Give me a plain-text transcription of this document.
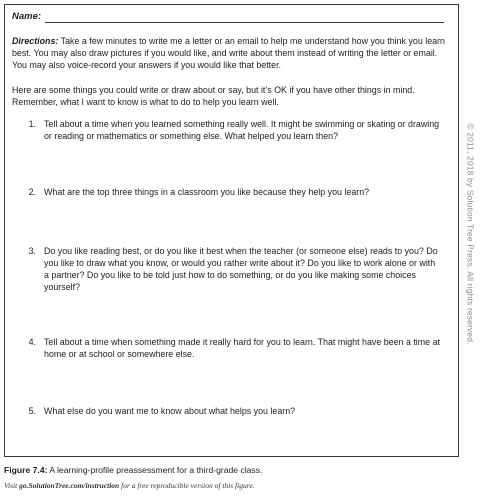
Name:

Directions: Take a few minutes to write me a letter or an email to help me understand how you think you learn best. You may also draw pictures if you would like, and write about them instead of writing the letter or email. You may also voice-record your answers if you would like that better.

Here are some things you could write or draw about or say, but it’s OK if you have other things in mind. Remember, what I want to know is what to do to help you learn well.

1. Tell about a time when you learned something really well. It might be swimming or skating or drawing or reading or mathematics or something else. What helped you learn then?
2. What are the top three things in a classroom you like because they help you learn?
3. Do you like reading best, or do you like it best when the teacher (or someone else) reads to you? Do you like to draw what you know, or would you rather write about it? Do you like to work alone or with a partner? Do you like to be told just how to do something, or do you like making some choices yourself?
4. Tell about a time when something made it really hard for you to learn. That might have been a time at home or at school or somewhere else.
5. What else do you want me to know about what helps you learn?
© 2011, 2018 by Solution Tree Press. All rights reserved.
Figure 7.4: A learning-profile preassessment for a third-grade class.
Visit go.SolutionTree.com/instruction for a free reproducible version of this figure.
